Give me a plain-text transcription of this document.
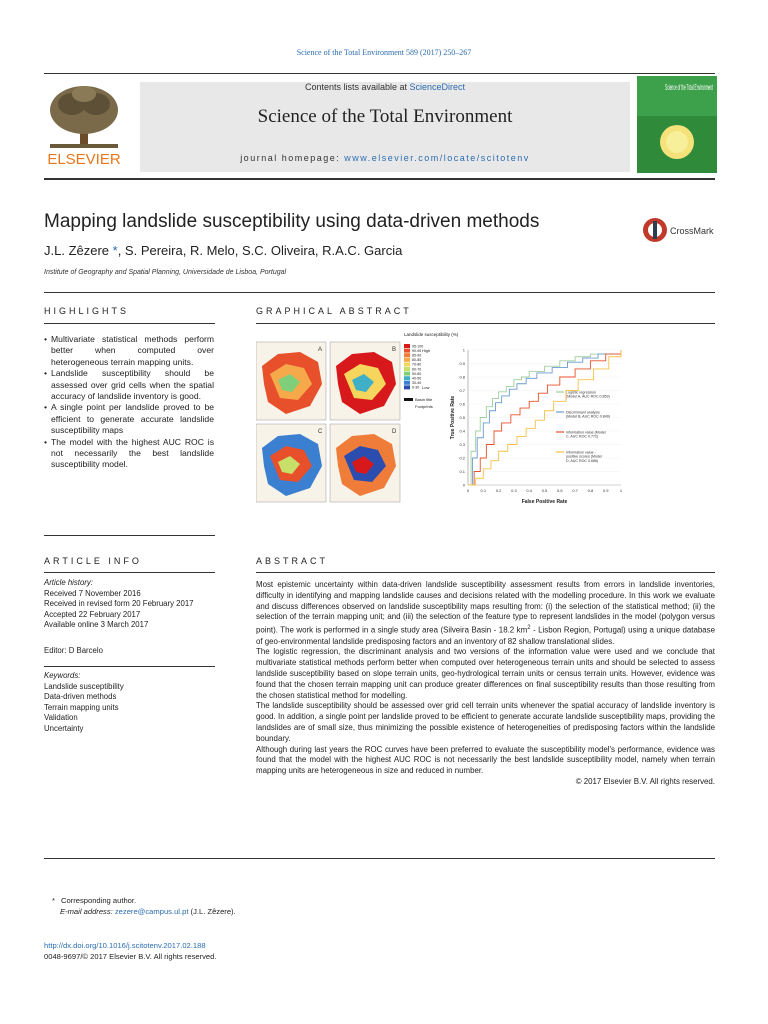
Science of the Total Environment 589 (2017) 250–267
ELSEVIER
Contents lists available at ScienceDirect
Science of the Total Environment
journal homepage: www.elsevier.com/locate/scitotenv
Science of the Total Environment
Mapping landslide susceptibility using data-driven methods	CrossMark
J.L. Zêzere *, S. Pereira, R. Melo, S.C. Oliveira, R.A.C. Garcia
Institute of Geography and Spatial Planning, Universidade de Lisboa, Portugal
HIGHLIGHTS
• Multivariate statistical methods perform better when computed over heterogeneous terrain mapping units.
• Landslide susceptibility should be assessed over grid cells when the spatial accuracy of landslide inventory is good.
• A single point per landslide proved to be efficient to generate accurate landslide susceptibility maps
• The model with the highest AUC ROC is not necessarily the best landslide susceptibility model.
GRAPHICAL ABSTRACT
A	B
C	D
Landslide susceptibility (%)
95-100
90-95
85-90
80-85
70-80
60-70
50-60
40-50
30-40
0-30
High
Low
Basin title
Footprints
0	0.1 0.2 0.3 0.4 0.5 0.6 0.7 0.8 0.9	1
0
0.1
0.2
0.3
0.4
0.5
0.6
0.7
0.8
0.9
1
False Positive Rate
True Positive Rate
Logistic regression (Model A, AUC ROC 0.859)
Discriminant analysis (Model B, AUC ROC 0.849)
Information value (Model C, AUC ROC 0.772)
Information value -positive scores (Model D, AUC ROC 0.686)
ARTICLE INFO
Article history:
Received 7 November 2016
Received in revised form 20 February 2017
Accepted 22 February 2017
Available online 3 March 2017
Editor: D Barcelo
Keywords:
Landslide susceptibility
Data-driven methods
Terrain mapping units
Validation
Uncertainty
ABSTRACT

Most epistemic uncertainty within data-driven landslide susceptibility assessment results from errors in landslide inventories, difficulty in identifying and mapping landslide causes and decisions related with the modelling procedure. In this work we evaluate and discuss differences observed on landslide susceptibility maps resulting from: (i) the selection of the statistical method; (ii) the selection of the terrain mapping unit; and (iii) the selection of the feature type to represent landslides in the model (polygon versus point). The work is performed in a single study area (Silveira Basin - 18.2 $km^2$ - Lisbon Region, Portugal) using a unique database of geo-environmental landslide predisposing factors and an inventory of 82 shallow translational slides.

The logistic regression, the discriminant analysis and two versions of the information value were used and we conclude that multivariate statistical methods perform better when computed over heterogeneous terrain units and should be selected to assess landslide susceptibility based on slope terrain units, geo-hydrological terrain units or census terrain units. However, evidence was found that the chosen terrain mapping unit can produce greater differences on final susceptibility results than those resulting from the chosen statistical method for modelling.

The landslide susceptibility should be assessed over grid cell terrain units whenever the spatial accuracy of landslide inventory is good. In addition, a single point per landslide proved to be efficient to generate accurate landslide susceptibility maps, providing the landslides are of small size, thus minimizing the possible existence of heterogeneities of predisposing factors within the landslide boundary.

Although during last years the ROC curves have been preferred to evaluate the susceptibility model's performance, evidence was found that the model with the highest AUC ROC is not necessarily the best landslide susceptibility model, namely when terrain mapping units are heterogeneous in size and reduced in number.

© 2017 Elsevier B.V. All rights reserved.

* Corresponding author.
E-mail address: zezere@campus.ul.pt (J.L. Zêzere).
http://dx.doi.org/10.1016/j.scitotenv.2017.02.188
0048-9697/© 2017 Elsevier B.V. All rights reserved.
